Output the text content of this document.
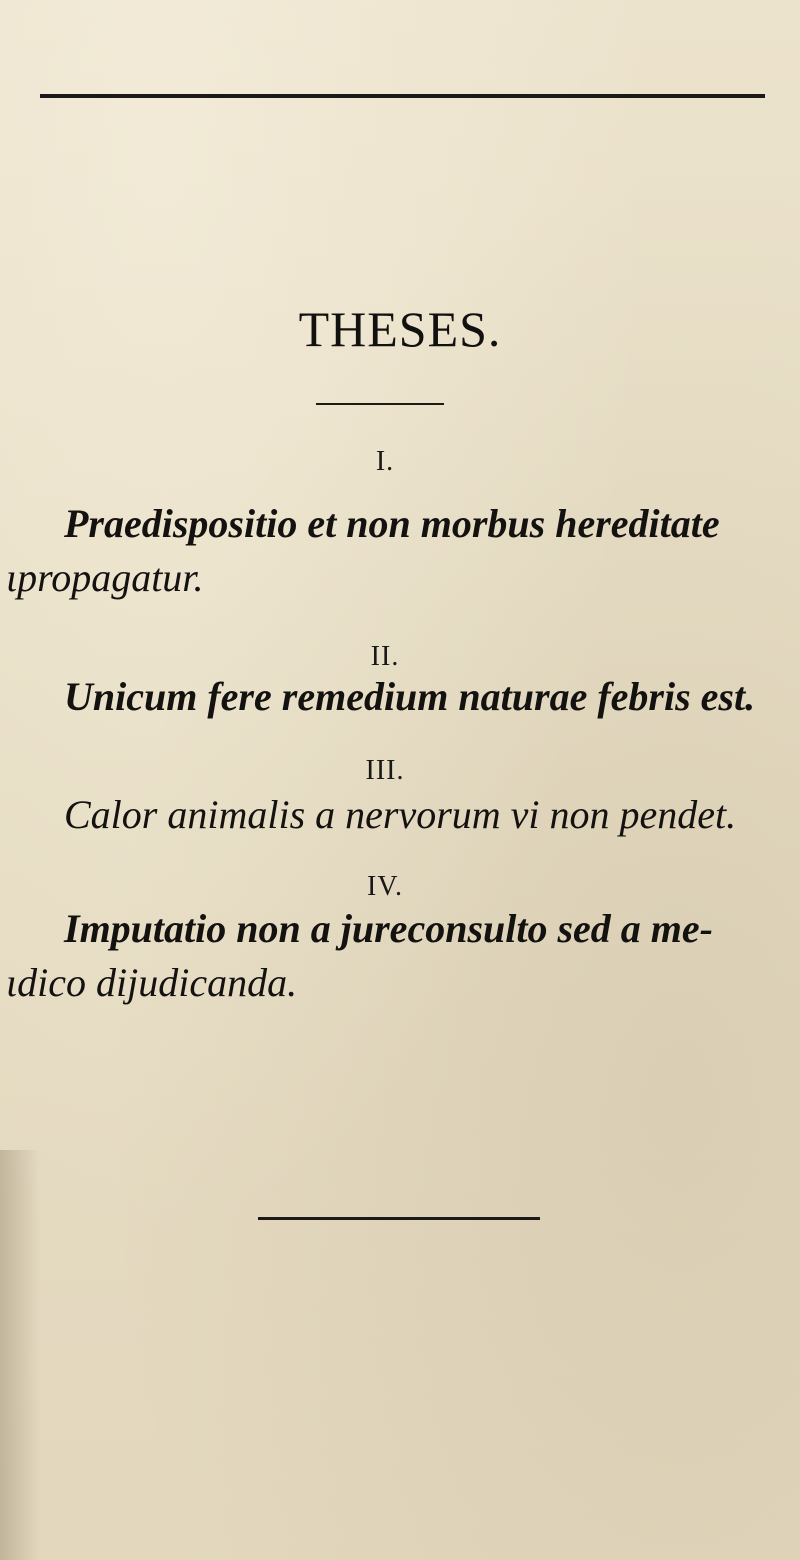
THESES.
I.
Praedispositio et non morbus hereditate
ιpropagatur.
II.
Unicum fere remedium naturae febris est.
III.
Calor animalis a nervorum vi non pendet.
IV.
Imputatio non a jureconsulto sed a me-
ιdico dijudicanda.
